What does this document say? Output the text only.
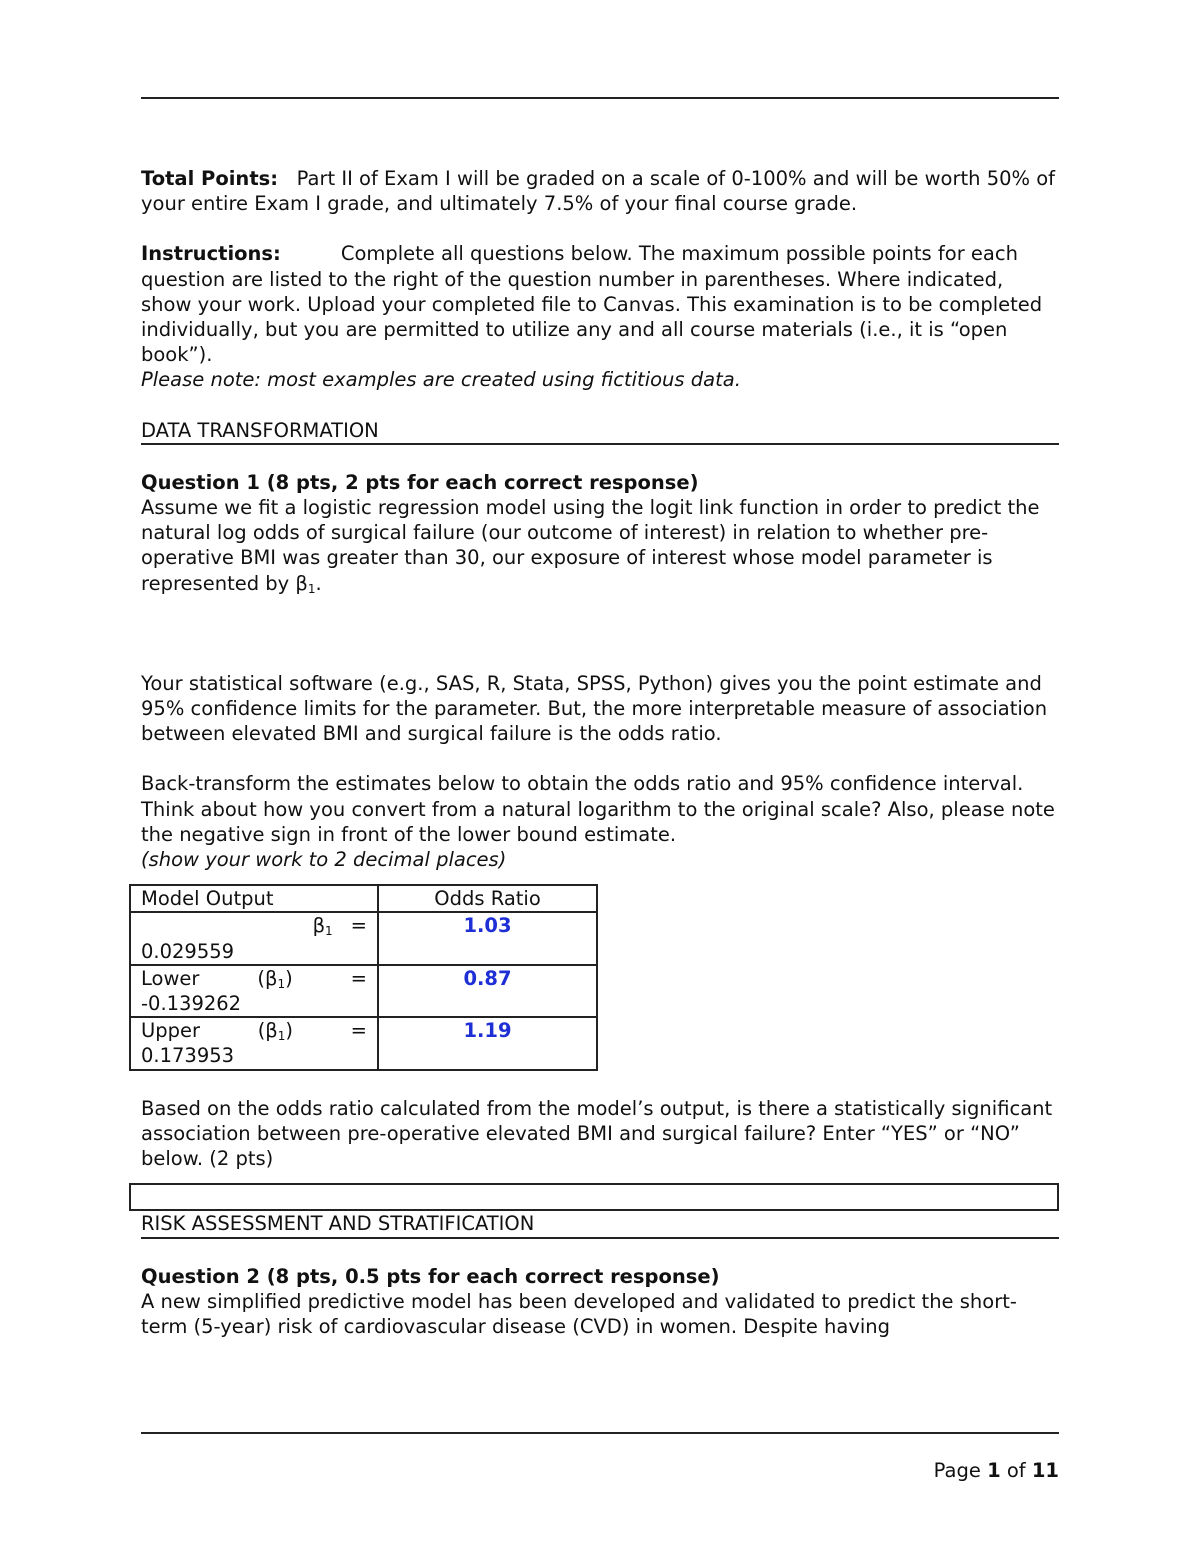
Total Points: Part II of Exam I will be graded on a scale of 0-100% and will be worth 50% of your entire Exam I grade, and ultimately 7.5% of your final course grade.

Instructions:	Complete all questions below. The maximum possible points for each question are listed to the right of the question number in parentheses. Where indicated, show your work. Upload your completed file to Canvas. This examination is to be completed individually, but you are permitted to utilize any and all course materials (i.e., it is “open book”).

Please note: most examples are created using fictitious data.

DATA TRANSFORMATION

Question 1 (8 pts, 2 pts for each correct response)

Assume we fit a logistic regression model using the logit link function in order to predict the natural log odds of surgical failure (our outcome of interest) in relation to whether pre-operative BMI was greater than 30, our exposure of interest whose model parameter is represented by $\beta_1$.

Your statistical software (e.g., SAS, R, Stata, SPSS, Python) gives you the point estimate and 95% confidence limits for the parameter. But, the more interpretable measure of association between elevated BMI and surgical failure is the odds ratio.

Back-transform the estimates below to obtain the odds ratio and 95% confidence interval. Think about how you convert from a natural logarithm to the original scale? Also, please note the negative sign in front of the lower bound estimate.

(show your work to 2 decimal places)

Model Output	Odds Ratio

$\beta_1$ =
0.029559	1.03

Lower $(\beta_1)$ =
-0.139262	0.87

Upper $(\beta_1)$ =
0.173953	1.19

Based on the odds ratio calculated from the model’s output, is there a statistically significant association between pre-operative elevated BMI and surgical failure? Enter “YES” or “NO” below. (2 pts)

RISK ASSESSMENT AND STRATIFICATION

Question 2 (8 pts, 0.5 pts for each correct response)

A new simplified predictive model has been developed and validated to predict the short-term (5-year) risk of cardiovascular disease (CVD) in women. Despite having

Page 1 of 11
